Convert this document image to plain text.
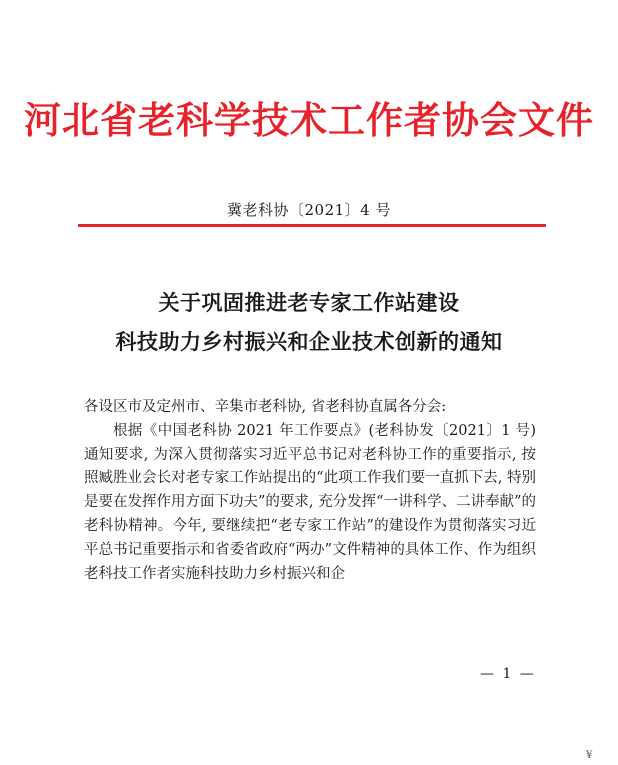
河北省老科学技术工作者协会文件
冀老科协〔2021〕4 号
关于巩固推进老专家工作站建设
科技助力乡村振兴和企业技术创新的通知

各设区市及定州市、辛集市老科协, 省老科协直属各分会:

根据《中国老科协 2021 年工作要点》(老科协发〔2021〕1 号)通知要求, 为深入贯彻落实习近平总书记对老科协工作的重要指示, 按照臧胜业会长对老专家工作站提出的“此项工作我们要一直抓下去, 特别是要在发挥作用方面下功夫”的要求, 充分发挥“一讲科学、二讲奉献”的老科协精神。今年, 要继续把“老专家工作站”的建设作为贯彻落实习近平总书记重要指示和省委省政府“两办”文件精神的具体工作、作为组织老科技工作者实施科技助力乡村振兴和企

— 1 —
¥
